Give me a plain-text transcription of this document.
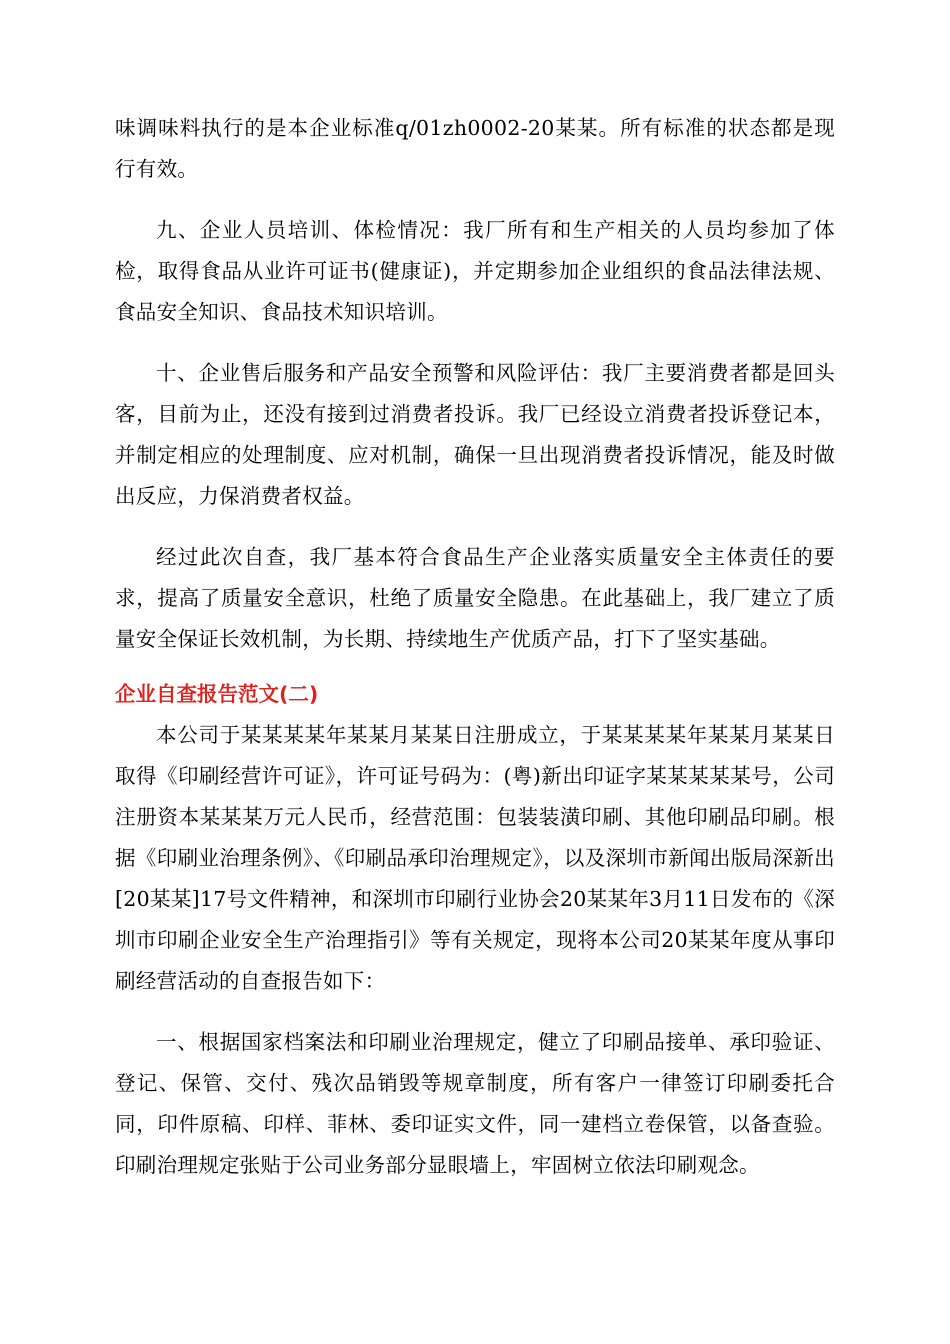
味调味料执行的是本企业标准q/01zh0002-20某某。所有标准的状态都是现行有效。

九、企业人员培训、体检情况：我厂所有和生产相关的人员均参加了体检，取得食品从业许可证书(健康证)，并定期参加企业组织的食品法律法规、食品安全知识、食品技术知识培训。

十、企业售后服务和产品安全预警和风险评估：我厂主要消费者都是回头客，目前为止，还没有接到过消费者投诉。我厂已经设立消费者投诉登记本，并制定相应的处理制度、应对机制，确保一旦出现消费者投诉情况，能及时做出反应，力保消费者权益。

经过此次自查，我厂基本符合食品生产企业落实质量安全主体责任的要求，提高了质量安全意识，杜绝了质量安全隐患。在此基础上，我厂建立了质量安全保证长效机制，为长期、持续地生产优质产品，打下了坚实基础。

企业自查报告范文(二)

本公司于某某某某年某某月某某日注册成立，于某某某某年某某月某某日取得《印刷经营许可证》，许可证号码为：(粤)新出印证字某某某某某号，公司注册资本某某某万元人民币，经营范围：包装装潢印刷、其他印刷品印刷。根据《印刷业治理条例》、《印刷品承印治理规定》，以及深圳市新闻出版局深新出[20某某]17号文件精神，和深圳市印刷行业协会20某某年3月11日发布的《深圳市印刷企业安全生产治理指引》等有关规定，现将本公司20某某年度从事印刷经营活动的自查报告如下：

一、根据国家档案法和印刷业治理规定，健立了印刷品接单、承印验证、登记、保管、交付、残次品销毁等规章制度，所有客户一律签订印刷委托合同，印件原稿、印样、菲林、委印证实文件，同一建档立卷保管，以备查验。印刷治理规定张贴于公司业务部分显眼墙上，牢固树立依法印刷观念。
